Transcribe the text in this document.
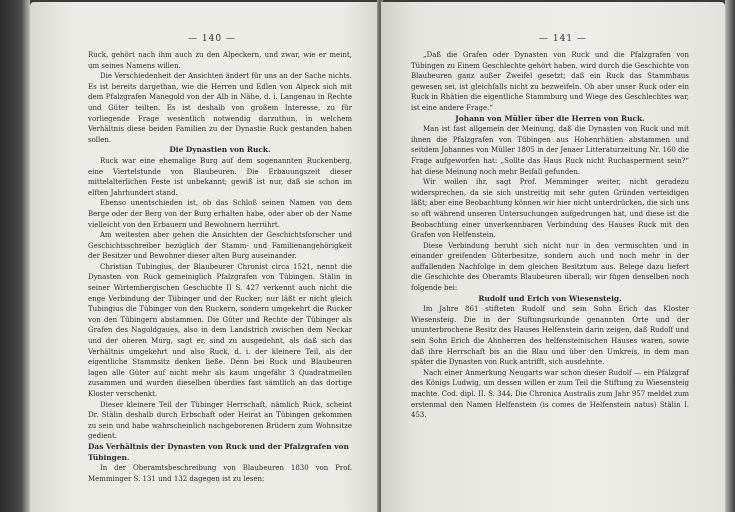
— 140 —

Ruck, gehört nach ihm auch zu den Alpeckern, und zwar, wie er meint, um seines Namens willen.

Die Verschiedenheit der Ansichten ändert für uns an der Sache nichts. Es ist bereits dargethan, wie die Herren und Edlen von Alpeck sich mit dem Pfalzgrafen Manegold von der Alb in Nähe, d. i. Langenau in Rechte und Güter teilten. Es ist deshalb von großem Interesse, zu für vorliegende Frage wesentlich notwendig darzuthun, in welchem Verhältnis diese beiden Familien zu der Dynastie Ruck gestanden haben sollen.

Die Dynastien von Ruck.

Ruck war eine ehemalige Burg auf dem sogenannten Ruckenberg, eine Viertelstunde von Blaubeuren. Die Erbauungszeit dieser mittelalterlichen Feste ist unbekannt; gewiß ist nur, daß sie schon im elften Jahrhundert stand.

Ebenso unentschieden ist, ob das Schloß seinen Namen von dem Berge oder der Berg von der Burg erhalten habe, oder aber ob der Name vielleicht von den Erbauern und Bewohnern herrührt.

Am weitesten aber gehen die Ansichten der Geschichtsforscher und Geschichtsschreiber bezüglich der Stamm- und Familienangehörigkeit der Besitzer und Bewohner dieser alten Burg auseinander.

Christian Tubingius, der Blaubeurer Chronist circa 1521, nennt die Dynasten von Ruck gemeiniglich Pfalzgrafen von Tübingen. Stälin in seiner Wirtembergischen Geschichte II S. 427 verkennt auch nicht die enge Verbindung der Tübinger und der Rucker; nur läßt er nicht gleich Tubingius die Tübinger von den Ruckern, sondern umgekehrt die Rucker von den Tübingern abstammen. Die Güter und Rechte der Tübinger als Grafen des Nagoldgaues, also in dem Landstrich zwischen dem Neckar und der oberen Murg, sagt er, sind zu ausgedehnt, als daß sich das Verhältnis umgekehrt und also Ruck, d. i. der kleinere Teil, als der eigentliche Stammsitz denken ließe. Denn bei Ruck und Blaubeuren lagen alle Güter auf nicht mehr als kaum ungefähr 3 Quadratmeilen zusammen und wurden dieselben überdies fast sämtlich an das dortige Kloster verschenkt.

Dieser kleinere Teil der Tübinger Herrschaft, nämlich Ruck, scheint Dr. Stälin deshalb durch Erbschaft oder Heirat an Tübingen gekommen zu sein und habe wahrscheinlich nachgeborenen Brüdern zum Wohnsitze gedient.

Das Verhältnis der Dynasten von Ruck und der Pfalzgrafen von Tübingen.

In der Oberamtsbeschreibung von Blaubeuren 1830 von Prof. Memminger S. 131 und 132 dagegen ist zu lesen:

— 141 —

„Daß die Grafen oder Dynasten von Ruck und die Pfalzgrafen von Tübingen zu Einem Geschlechte gehört haben, wird durch die Geschichte von Blaubeuren ganz außer Zweifel gesetzt; daß ein Ruck das Stammhaus gewesen sei, ist gleichfalls nicht zu bezweifeln. Ob aber unser Ruck oder ein Ruck in Rhätien die eigentliche Stammburg und Wiege des Geschlechtes war, ist eine andere Frage.“

Johann von Müller über die Herren von Ruck.

Man ist fast allgemein der Meinung, daß die Dynasten von Ruck und mit ihnen die Pfalzgrafen von Tübingen aus Hohenrhätien abstammen und seitdem Johannes von Müller 1805 in der Jenaer Litteraturzeitung Nr. 160 die Frage aufgeworfen hat: „Sollte das Haus Ruck nicht Ruchasperment sein?“ hat diese Meinung noch mehr Beifall gefunden.

Wir wollen ihr, sagt Prof. Memminger weiter, nicht geradezu widersprechen, da sie sich unstreitig mit sehr guten Gründen verteidigen läßt; aber eine Beobachtung können wir hier nicht unterdrücken, die sich uns so oft während unseren Untersuchungen aufgedrungen hat, und diese ist die Beobachtung einer unverkennbaren Verbindung des Hauses Ruck mit den Grafen von Helfenstein.

Diese Verbindung beruht sich nicht nur in den vermischten und in einander greifenden Güterbesitze, sondern auch und noch mehr in der auffallenden Nachfolge in dem gleichen Besitztum aus. Belege dazu liefert die Geschichte des Oberamts Blaubeuren überall; wir fügen denselben noch folgende bei:

Rudolf und Erich von Wiesensteig.

Im Jahre 861 stifteten Rudolf und sein Sohn Erich das Kloster Wiesensteig. Die in der Stiftungsurkunde genannten Orte und der ununterbrochene Besitz des Hauses Helfenstein darin zeigen, daß Rudolf und sein Sohn Erich die Ahnherren des helfensteinischen Hauses waren, sowie daß ihre Herrschaft bis an die Blau und über den Umkreis, in dem man später die Dynasten von Ruck antrifft, sich ausdehnte.

Nach einer Anmerkung Neugarts war schon dieser Rudolf — ein Pfalzgraf des Königs Ludwig, um dessen willen er zum Teil die Stiftung zu Wiesensteig machte. Cod. dipl. II. S. 344. Die Chronica Australis zum Jahr 957 meldet zum erstenmal den Namen Helfenstein (is comes de Helfenstein natus) Stälin I. 453.
